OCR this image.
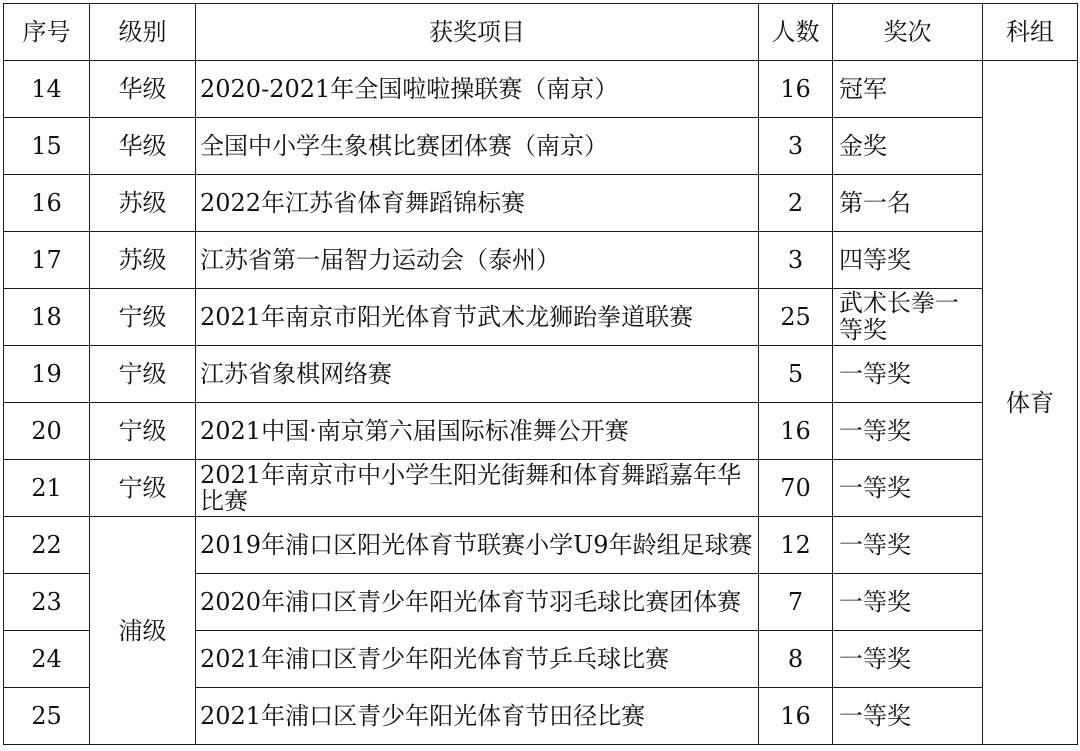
序号	级别	获奖项目	人数	奖次	科组
14	华级	2020-2021年全国啦啦操联赛（南京）	16	冠军	体育
15	华级	全国中小学生象棋比赛团体赛（南京）	3	金奖	
16	苏级	2022年江苏省体育舞蹈锦标赛	2	第一名	
17	苏级	江苏省第一届智力运动会（泰州）	3	四等奖	
18	宁级	2021年南京市阳光体育节武术龙狮跆拳道联赛	25	武术长拳一等奖	
19	宁级	江苏省象棋网络赛	5	一等奖	
20	宁级	2021中国·南京第六届国际标准舞公开赛	16	一等奖	
21	宁级	2021年南京市中小学生阳光街舞和体育舞蹈嘉年华比赛	70	一等奖	
22	浦级	2019年浦口区阳光体育节联赛小学U9年龄组足球赛	12	一等奖	
23		2020年浦口区青少年阳光体育节羽毛球比赛团体赛	7	一等奖	
24		2021年浦口区青少年阳光体育节乒乓球比赛	8	一等奖	
25		2021年浦口区青少年阳光体育节田径比赛	16	一等奖	
